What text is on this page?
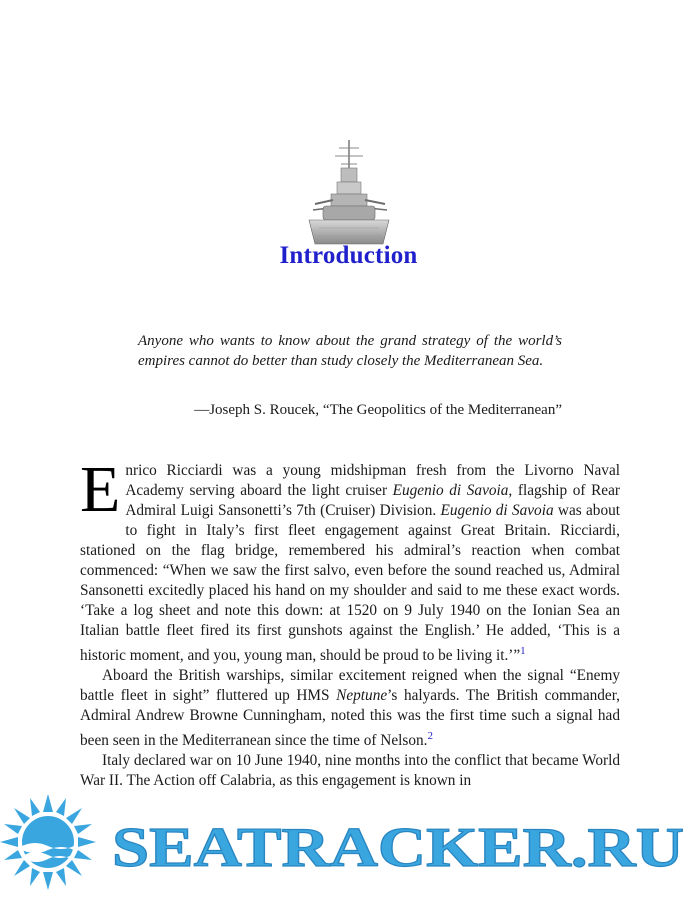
Introduction
Anyone who wants to know about the grand strategy of the world’s empires cannot do better than study closely the Mediterranean Sea.
—Joseph S. Roucek, “The Geopolitics of the Mediterranean”

Enrico Ricciardi was a young midshipman fresh from the Livorno Naval Academy serving aboard the light cruiser Eugenio di Savoia, flagship of Rear Admiral Luigi Sansonetti’s 7th (Cruiser) Division. Eugenio di Savoia was about to fight in Italy’s first fleet engagement against Great Britain. Ricciardi, stationed on the flag bridge, remembered his admiral’s reaction when combat commenced: “When we saw the first salvo, even before the sound reached us, Admiral Sansonetti excitedly placed his hand on my shoulder and said to me these exact words. ‘Take a log sheet and note this down: at 1520 on 9 July 1940 on the Ionian Sea an Italian battle fleet fired its first gunshots against the English.’ He added, ‘This is a historic moment, and you, young man, should be proud to be living it.’”$^1$

Aboard the British warships, similar excitement reigned when the signal “Enemy battle fleet in sight” fluttered up HMS Neptune’s halyards. The British commander, Admiral Andrew Browne Cunningham, noted this was the first time such a signal had been seen in the Mediterranean since the time of Nelson.$^2$

Italy declared war on 10 June 1940, nine months into the conflict that became World War II. The Action off Calabria, as this engagement is known in

SEATRACKER.RU
